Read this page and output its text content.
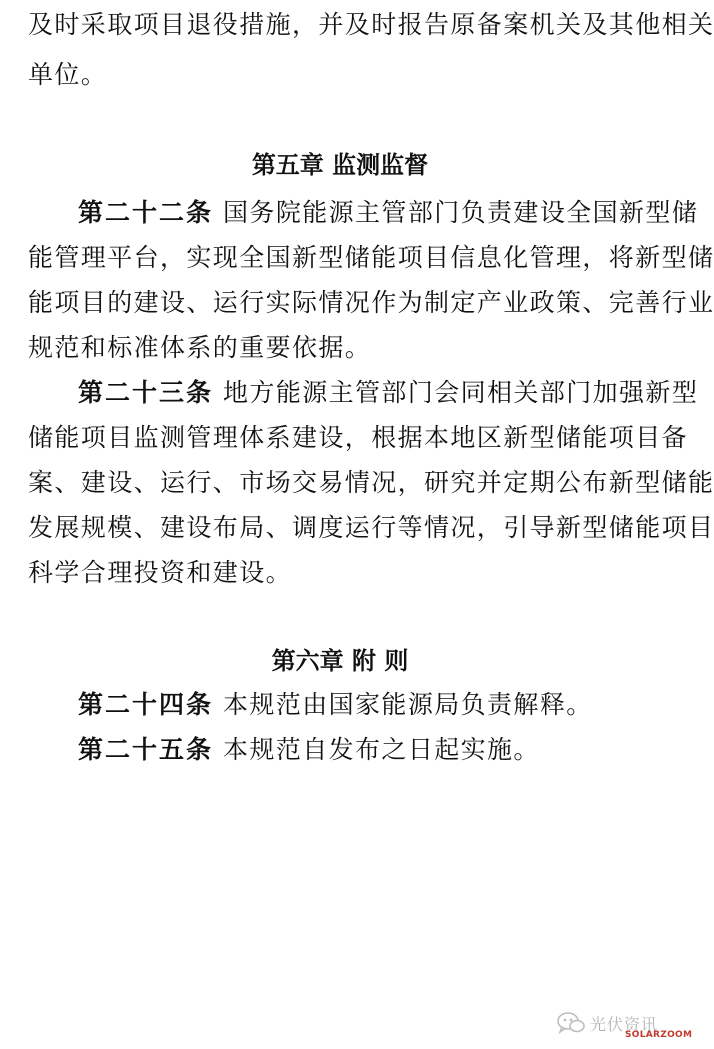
及时采取项目退役措施，并及时报告原备案机关及其他相关
单位。
第五章 监测监督
第二十二条 国务院能源主管部门负责建设全国新型储
能管理平台，实现全国新型储能项目信息化管理，将新型储
能项目的建设、运行实际情况作为制定产业政策、完善行业
规范和标准体系的重要依据。
第二十三条 地方能源主管部门会同相关部门加强新型
储能项目监测管理体系建设，根据本地区新型储能项目备
案、建设、运行、市场交易情况，研究并定期公布新型储能
发展规模、建设布局、调度运行等情况，引导新型储能项目
科学合理投资和建设。
第六章 附 则
第二十四条 本规范由国家能源局负责解释。
第二十五条 本规范自发布之日起实施。
光伏资讯
SOLARZOOM
